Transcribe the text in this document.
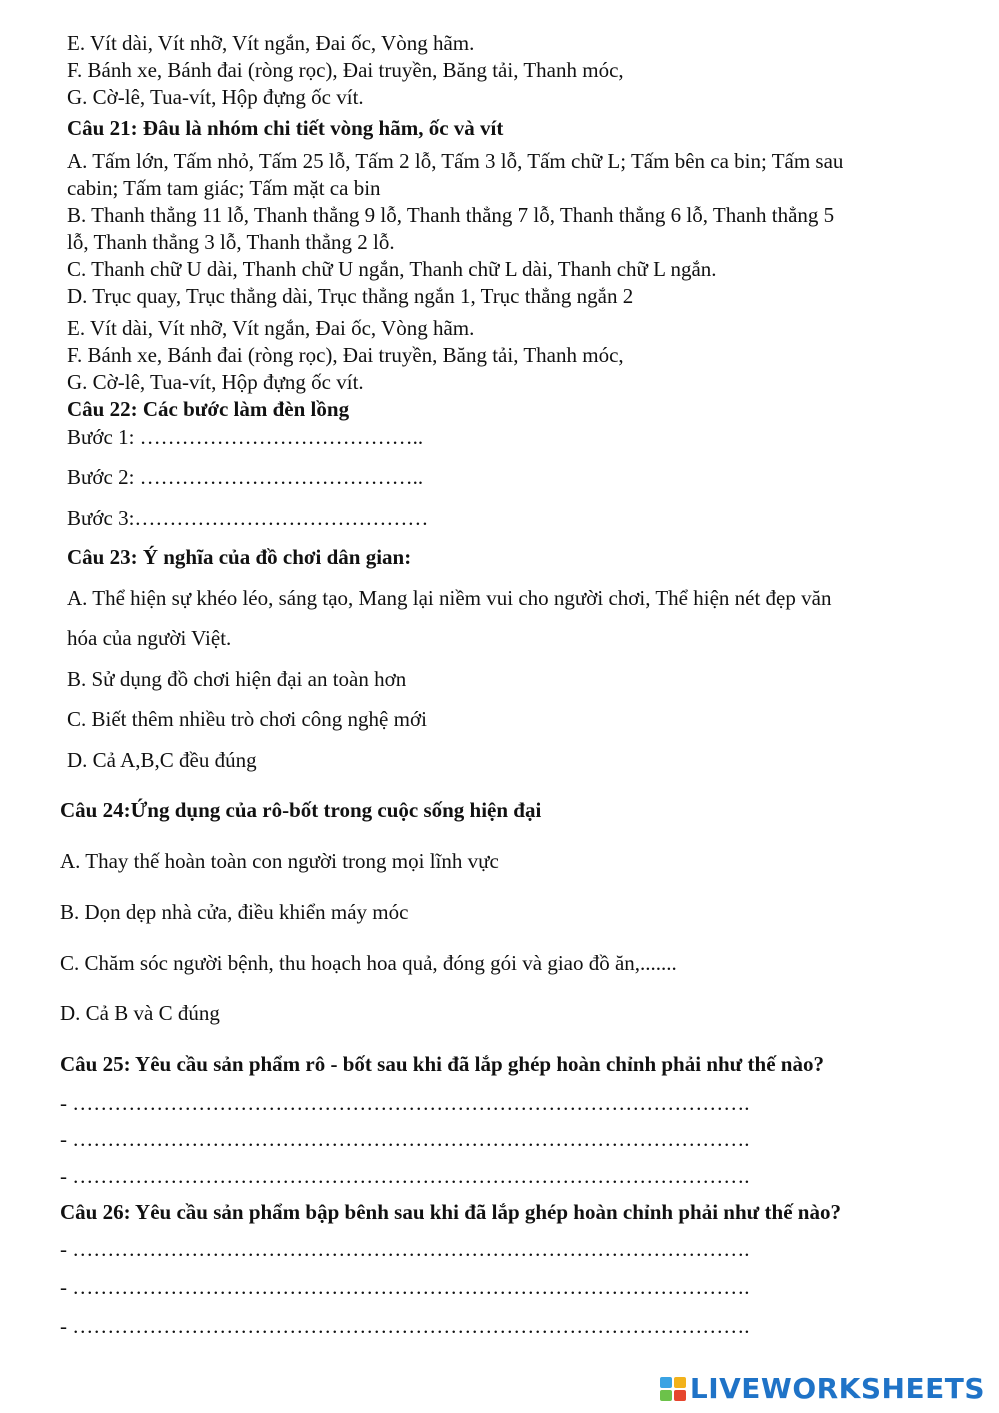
E. Vít dài, Vít nhỡ, Vít ngắn, Đai ốc, Vòng hãm.
F. Bánh xe, Bánh đai (ròng rọc), Đai truyền, Băng tải, Thanh móc,
G. Cờ-lê, Tua-vít, Hộp đựng ốc vít.
Câu 21: Đâu là nhóm chi tiết vòng hãm, ốc và vít
A. Tấm lớn, Tấm nhỏ, Tấm 25 lỗ, Tấm 2 lỗ, Tấm 3 lỗ, Tấm chữ L; Tấm bên ca bin; Tấm sau
cabin; Tấm tam giác; Tấm mặt ca bin
B. Thanh thẳng 11 lỗ, Thanh thẳng 9 lỗ, Thanh thẳng 7 lỗ, Thanh thẳng 6 lỗ, Thanh thẳng 5
lỗ, Thanh thẳng 3 lỗ, Thanh thẳng 2 lỗ.
C. Thanh chữ U dài, Thanh chữ U ngắn, Thanh chữ L dài, Thanh chữ L ngắn.
D. Trục quay, Trục thẳng dài, Trục thẳng ngắn 1, Trục thẳng ngắn 2
E. Vít dài, Vít nhỡ, Vít ngắn, Đai ốc, Vòng hãm.
F. Bánh xe, Bánh đai (ròng rọc), Đai truyền, Băng tải, Thanh móc,
G. Cờ-lê, Tua-vít, Hộp đựng ốc vít.
Câu 22: Các bước làm đèn lồng
Bước 1: …………………………………..
Bước 2: …………………………………..
Bước 3:……………………………………
Câu 23: Ý nghĩa của đồ chơi dân gian:
A. Thể hiện sự khéo léo, sáng tạo, Mang lại niềm vui cho người chơi, Thể hiện nét đẹp văn
hóa của người Việt.
B. Sử dụng đồ chơi hiện đại an toàn hơn
C. Biết thêm nhiều trò chơi công nghệ mới
D. Cả A,B,C đều đúng
Câu 24:Ứng dụng của rô-bốt trong cuộc sống hiện đại
A. Thay thế hoàn toàn con người trong mọi lĩnh vực
B. Dọn dẹp nhà cửa, điều khiển máy móc
C. Chăm sóc người bệnh, thu hoạch hoa quả, đóng gói và giao đồ ăn,.......
D. Cả B và C đúng
Câu 25: Yêu cầu sản phẩm rô - bốt sau khi đã lắp ghép hoàn chỉnh phải như thế nào?
- …………………………………………………………………………………….
- …………………………………………………………………………………….
- …………………………………………………………………………………….
Câu 26: Yêu cầu sản phẩm bập bênh sau khi đã lắp ghép hoàn chỉnh phải như thế nào?
- …………………………………………………………………………………….
- …………………………………………………………………………………….
- …………………………………………………………………………………….
LIVEWORKSHEETS
